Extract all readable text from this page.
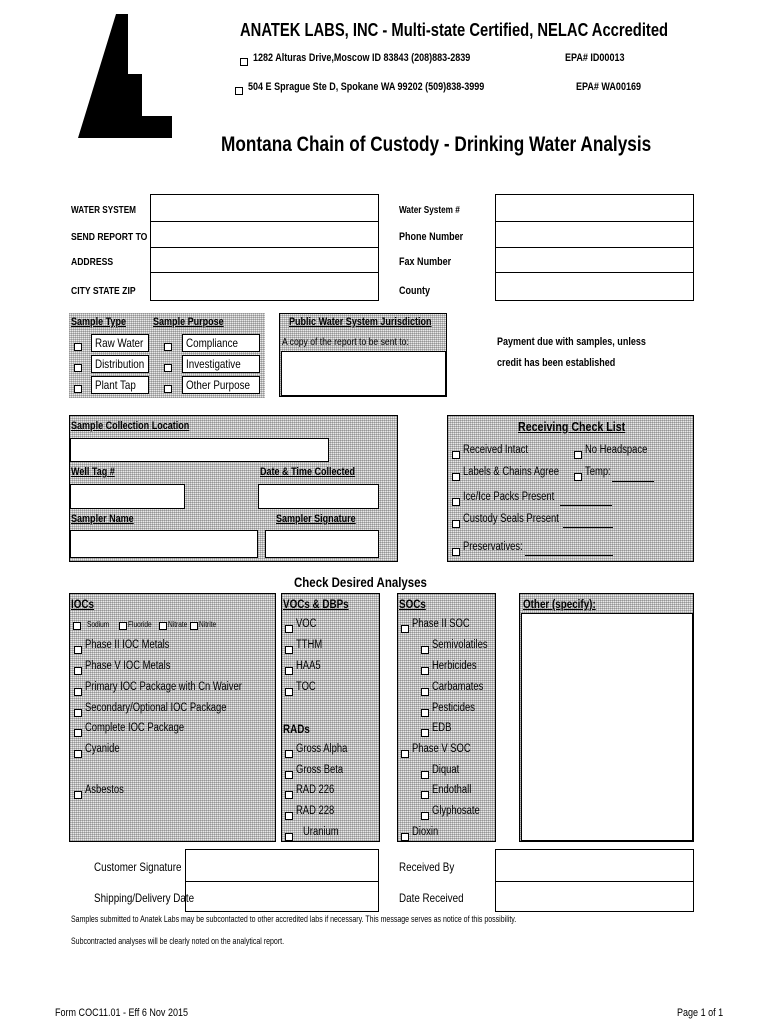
ANATEK LABS, INC - Multi-state Certified, NELAC Accredited
1282 Alturas Drive,Moscow ID 83843 (208)883-2839	EPA# ID00013
504 E Sprague Ste D, Spokane WA 99202 (509)838-3999	EPA# WA00169
Montana Chain of Custody - Drinking Water Analysis
WATER SYSTEM
SEND REPORT TO
ADDRESS
CITY STATE ZIP
Water System #
Phone Number
Fax Number
County
Sample Type Sample Purpose
Raw Water
Distribution
Plant Tap
Compliance
Investigative
Other Purpose
Public Water System Jurisdiction
A copy of the report to be sent to:	Payment due with samples, unless
credit has been established
Sample Collection Location
Well Tag #	Date & Time Collected
Sampler Name	Sampler Signature
Receiving Check List
Received Intact	No Headspace
Labels & Chains Agree Temp:
Ice/Ice Packs Present
Custody Seals Present
Preservatives:
Check Desired Analyses
IOCs
Sodium Fluoride Nitrate Nitrite
Phase II IOC Metals
Phase V IOC Metals
Primary IOC Package with Cn Waiver
Secondary/Optional IOC Package
Complete IOC Package
Cyanide
Asbestos
VOCs & DBPs
VOC
TTHM
HAA5
TOC
RADs
Gross Alpha
Gross Beta
RAD 226
RAD 228
Uranium
SOCs
Phase II SOC
Semivolatiles
Herbicides
Carbamates
Pesticides
EDB
Phase V SOC
Diquat
Endothall
Glyphosate
Dioxin
Other (specify):
Customer Signature
Shipping/Delivery Date
Received By
Date Received
Samples submitted to Anatek Labs may be subcontacted to other accredited labs if necessary. This message serves as notice of this possibility.
Subcontracted analyses will be clearly noted on the analytical report.
Form COC11.01 - Eff 6 Nov 2015	Page 1 of 1
